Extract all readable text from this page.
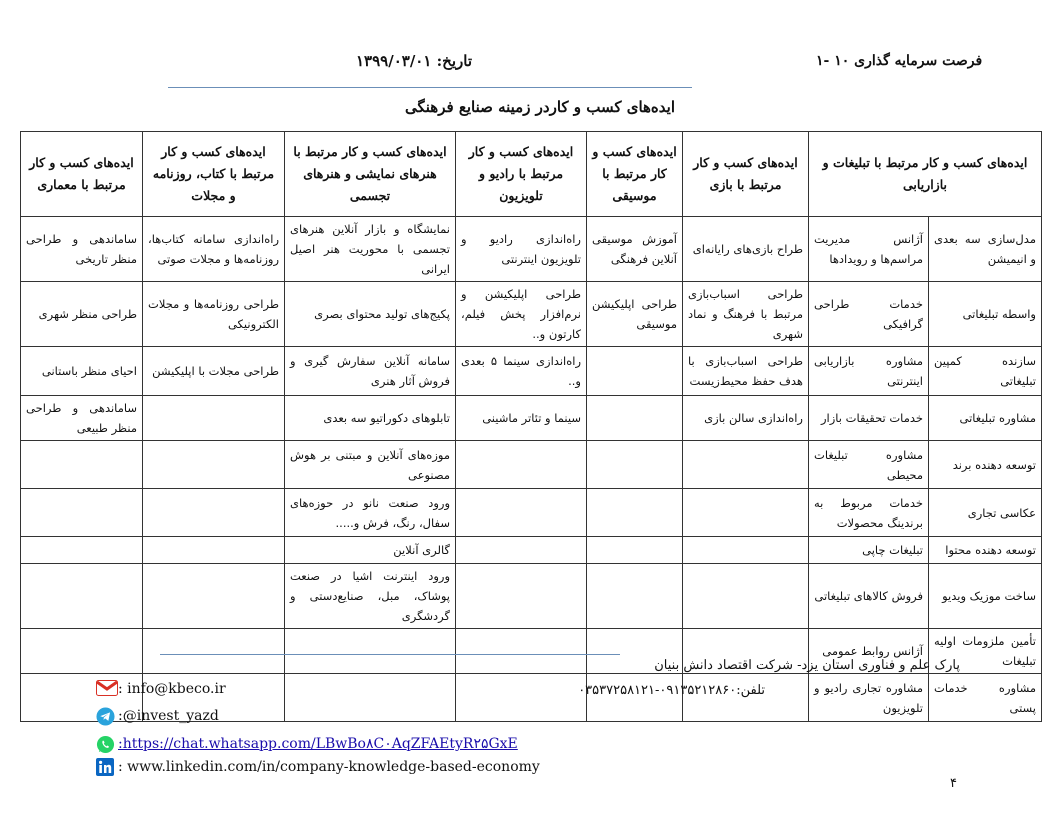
تاریخ: ۱۳۹۹/۰۳/۰۱	فرصت سرمایه گذاری ۱۰ -۱
ایده‌های کسب و کاردر زمینه صنایع فرهنگی
ایده‌های کسب و کار مرتبط با تبلیغات و بازاریابی		ایده‌های کسب و کار مرتبط با بازی	ایده‌های کسب و کار مرتبط با موسیقی	ایده‌های کسب و کار مرتبط با رادیو و تلویزیون	ایده‌های کسب و کار مرتبط با هنرهای نمایشی و هنرهای تجسمی	ایده‌های کسب و کار مرتبط با کتاب، روزنامه و مجلات	ایده‌های کسب و کار مرتبط با معماری
مدل‌سازی سه بعدی و انیمیشن	آژانس مدیریت مراسم‌ها و رویدادها	طراح بازی‌های رایانه‌ای	آموزش موسیقی آنلاین فرهنگی	راه‌اندازی رادیو و تلویزیون اینترنتی	نمایشگاه و بازار آنلاین هنرهای تجسمی با محوریت هنر اصیل ایرانی	راه‌اندازی سامانه کتاب‌ها، روزنامه‌ها و مجلات صوتی	ساماندهی و طراحی منظر تاریخی
واسطه تبلیغاتی	خدمات طراحی گرافیکی	طراحی اسباب‌بازی مرتبط با فرهنگ و نماد شهری	طراحی اپلیکیشن موسیقی	طراحی اپلیکیشن و نرم‌افزار پخش فیلم، کارتون و..	پکیج‌های تولید محتوای بصری	طراحی روزنامه‌ها و مجلات الکترونیکی	طراحی منظر شهری
سازنده کمپین تبلیغاتی	مشاوره بازاریابی اینترنتی	طراحی اسباب‌بازی با هدف حفظ محیط‌زیست		راه‌اندازی سینما ۵ بعدی و..	سامانه آنلاین سفارش گیری و فروش آثار هنری	طراحی مجلات با اپلیکیشن	احیای منظر باستانی
مشاوره تبلیغاتی	خدمات تحقیقات بازار	راه‌اندازی سالن بازی		سینما و تئاتر ماشینی	تابلوهای دکوراتیو سه بعدی		ساماندهی و طراحی منظر طبیعی
توسعه دهنده برند	مشاوره تبلیغات محیطی				موزه‌های آنلاین و مبتنی بر هوش مصنوعی		
عکاسی تجاری	خدمات مربوط به برندینگ محصولات				ورود صنعت نانو در حوزه‌های سفال، رنگ، فرش و.....		
توسعه دهنده محتوا	تبلیغات چاپی				گالری آنلاین		
ساخت موزیک ویدیو	فروش کالاهای تبلیغاتی				ورود اینترنت اشیا در صنعت پوشاک، مبل، صنایع‌دستی و گردشگری		
تأمین ملزومات اولیه تبلیغات	آژانس روابط عمومی						
مشاوره خدمات پستی	مشاوره تجاری رادیو و تلویزیون						
پارک علم و فناوری استان یزد- شرکت اقتصاد دانش بنیان
تلفن:۰۹۱۳۵۲۱۲۸۶۰-۰۳۵۳۷۲۵۸۱۲۱
: info@kbeco.ir
:@invest_yazd
:https://chat.whatsapp.com/LBwBo۸C۰AqZFAEtyR۲۵GxE
: www.linkedin.com/in/company-knowledge-based-economy
۴
